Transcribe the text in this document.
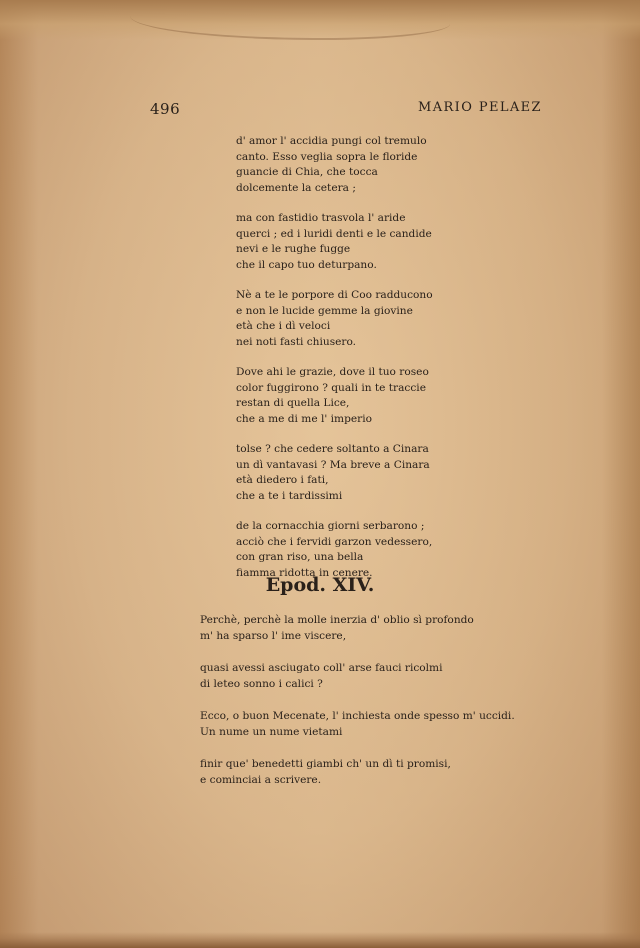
496	MARIO PELAEZ
d' amor l' accidia pungi col tremulo
canto. Esso veglia sopra le floride
guancie di Chia, che tocca
dolcemente la cetera ;
ma con fastidio trasvola l' aride
querci ; ed i luridi denti e le candide
nevi e le rughe fugge
che il capo tuo deturpano.
Nè a te le porpore di Coo radducono
e non le lucide gemme la giovine
età che i dì veloci
nei noti fasti chiusero.
Dove ahi le grazie, dove il tuo roseo
color fuggirono ? quali in te traccie
restan di quella Lice,
che a me di me l' imperio
tolse ? che cedere soltanto a Cinara
un dì vantavasi ? Ma breve a Cinara
età diedero i fati,
che a te i tardissimi
de la cornacchia giorni serbarono ;
acciò che i fervidi garzon vedessero,
con gran riso, una bella
fiamma ridotta in cenere.
Epod. XIV.
Perchè, perchè la molle inerzia d' oblio sì profondo
m' ha sparso l' ime viscere,
quasi avessi asciugato coll' arse fauci ricolmi
di leteo sonno i calici ?
Ecco, o buon Mecenate, l' inchiesta onde spesso m' uccidi.
Un nume un nume vietami
finir que' benedetti giambi ch' un dì ti promisi,
e cominciai a scrivere.
